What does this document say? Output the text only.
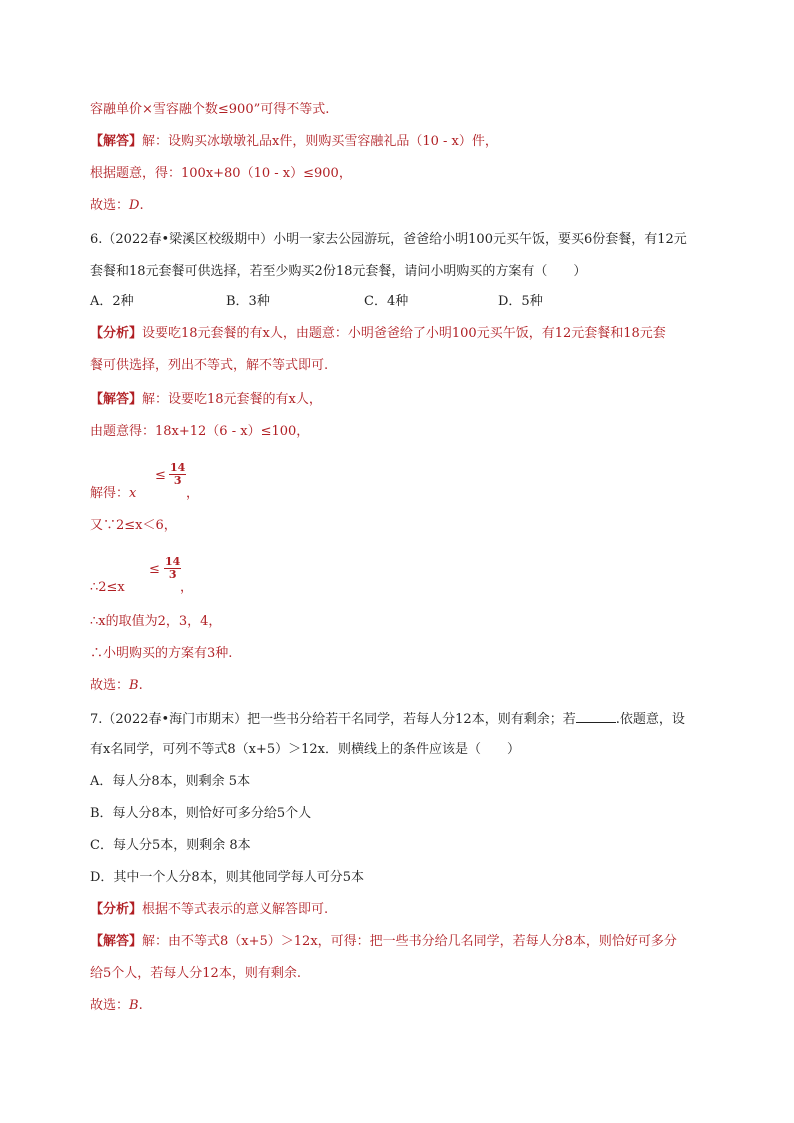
容融单价×雪容融个数≤900”可得不等式.
【解答】解：设购买冰墩墩礼品x件，则购买雪容融礼品（10 - x）件，
根据题意，得：100x+80（10 - x）≤900，
故选：D.
6.（2022春•梁溪区校级期中）小明一家去公园游玩，爸爸给小明100元买午饭，要买6份套餐，有12元
套餐和18元套餐可供选择，若至少购买2份18元套餐，请问小明购买的方案有（　　）
A．2种	B．3种	C．4种	D．5种
【分析】设要吃18元套餐的有x人，由题意：小明爸爸给了小明100元买午饭，有12元套餐和18元套
餐可供选择，列出不等式，解不等式即可.
【解答】解：设要吃18元套餐的有x人，
由题意得：18x+12（6 - x）≤100，
解得：x
≤ $\frac{14}{3}$
，
又∵2≤x＜6，
∴2≤x
≤ $\frac{14}{3}$
，
∴x的取值为2，3，4，
∴小明购买的方案有3种.
故选：B.
7.（2022春•海门市期末）把一些书分给若干名同学，若每人分12本，则有剩余；若	.依题意，设
有x名同学，可列不等式8（x+5）＞12x．则横线上的条件应该是（　　）
A．每人分8本，则剩余 5本
B．每人分8本，则恰好可多分给5个人
C．每人分5本，则剩余 8本
D．其中一个人分8本，则其他同学每人可分5本
【分析】根据不等式表示的意义解答即可.
【解答】解：由不等式8（x+5）＞12x，可得：把一些书分给几名同学，若每人分8本，则恰好可多分
给5个人，若每人分12本，则有剩余.
故选：B.
